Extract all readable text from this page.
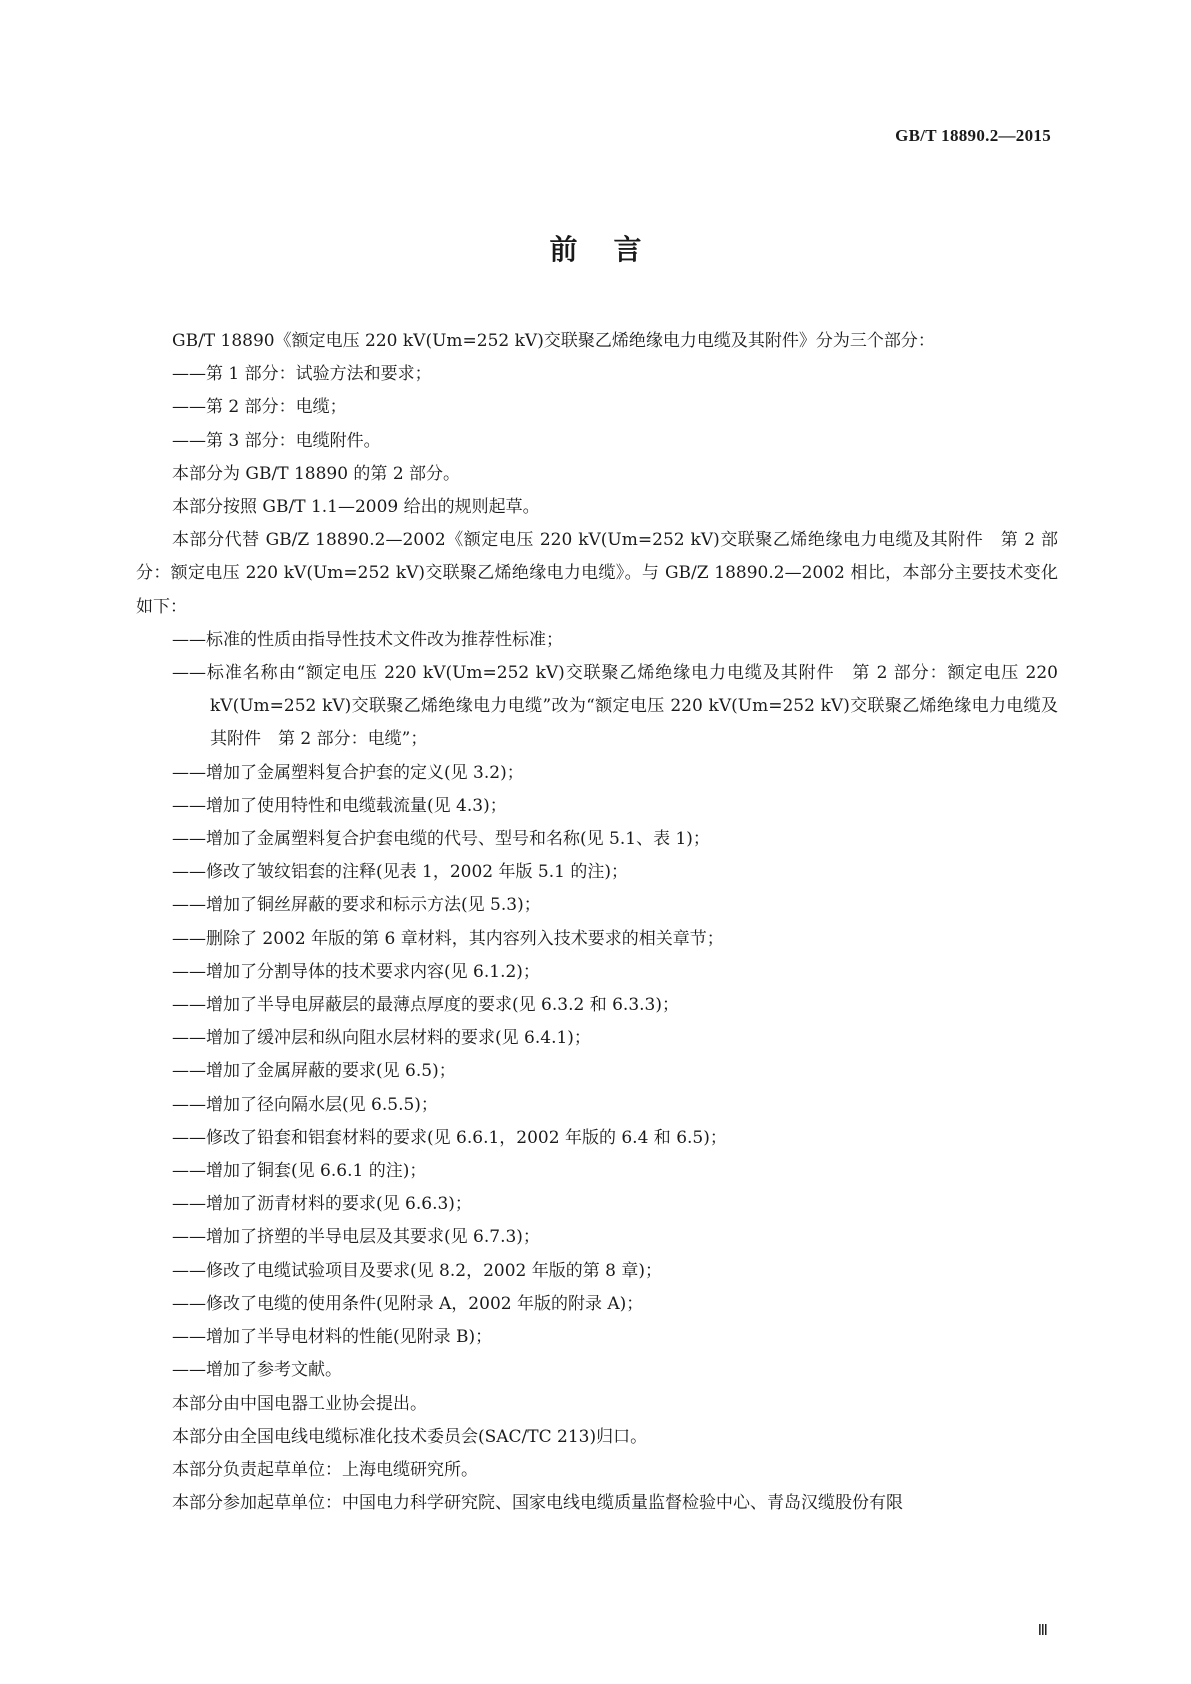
GB/T 18890.2—2015
前言

GB/T 18890《额定电压 220 kV(Um=252 kV)交联聚乙烯绝缘电力电缆及其附件》分为三个部分：

——第 1 部分：试验方法和要求；

——第 2 部分：电缆；

——第 3 部分：电缆附件。

本部分为 GB/T 18890 的第 2 部分。

本部分按照 GB/T 1.1—2009 给出的规则起草。

本部分代替 GB/Z 18890.2—2002《额定电压 220 kV(Um=252 kV)交联聚乙烯绝缘电力电缆及其附件　第 2 部分：额定电压 220 kV(Um=252 kV)交联聚乙烯绝缘电力电缆》。与 GB/Z 18890.2—2002 相比，本部分主要技术变化如下：

——标准的性质由指导性技术文件改为推荐性标准；

——标准名称由“额定电压 220 kV(Um=252 kV)交联聚乙烯绝缘电力电缆及其附件　第 2 部分：额定电压 220 kV(Um=252 kV)交联聚乙烯绝缘电力电缆”改为“额定电压 220 kV(Um=252 kV)交联聚乙烯绝缘电力电缆及其附件　第 2 部分：电缆”；

——增加了金属塑料复合护套的定义(见 3.2)；

——增加了使用特性和电缆载流量(见 4.3)；

——增加了金属塑料复合护套电缆的代号、型号和名称(见 5.1、表 1)；

——修改了皱纹铝套的注释(见表 1，2002 年版 5.1 的注)；

——增加了铜丝屏蔽的要求和标示方法(见 5.3)；

——删除了 2002 年版的第 6 章材料，其内容列入技术要求的相关章节；

——增加了分割导体的技术要求内容(见 6.1.2)；

——增加了半导电屏蔽层的最薄点厚度的要求(见 6.3.2 和 6.3.3)；

——增加了缓冲层和纵向阻水层材料的要求(见 6.4.1)；

——增加了金属屏蔽的要求(见 6.5)；

——增加了径向隔水层(见 6.5.5)；

——修改了铅套和铝套材料的要求(见 6.6.1，2002 年版的 6.4 和 6.5)；

——增加了铜套(见 6.6.1 的注)；

——增加了沥青材料的要求(见 6.6.3)；

——增加了挤塑的半导电层及其要求(见 6.7.3)；

——修改了电缆试验项目及要求(见 8.2，2002 年版的第 8 章)；

——修改了电缆的使用条件(见附录 A，2002 年版的附录 A)；

——增加了半导电材料的性能(见附录 B)；

——增加了参考文献。

本部分由中国电器工业协会提出。

本部分由全国电线电缆标准化技术委员会(SAC/TC 213)归口。

本部分负责起草单位：上海电缆研究所。

本部分参加起草单位：中国电力科学研究院、国家电线电缆质量监督检验中心、青岛汉缆股份有限

Ⅲ
